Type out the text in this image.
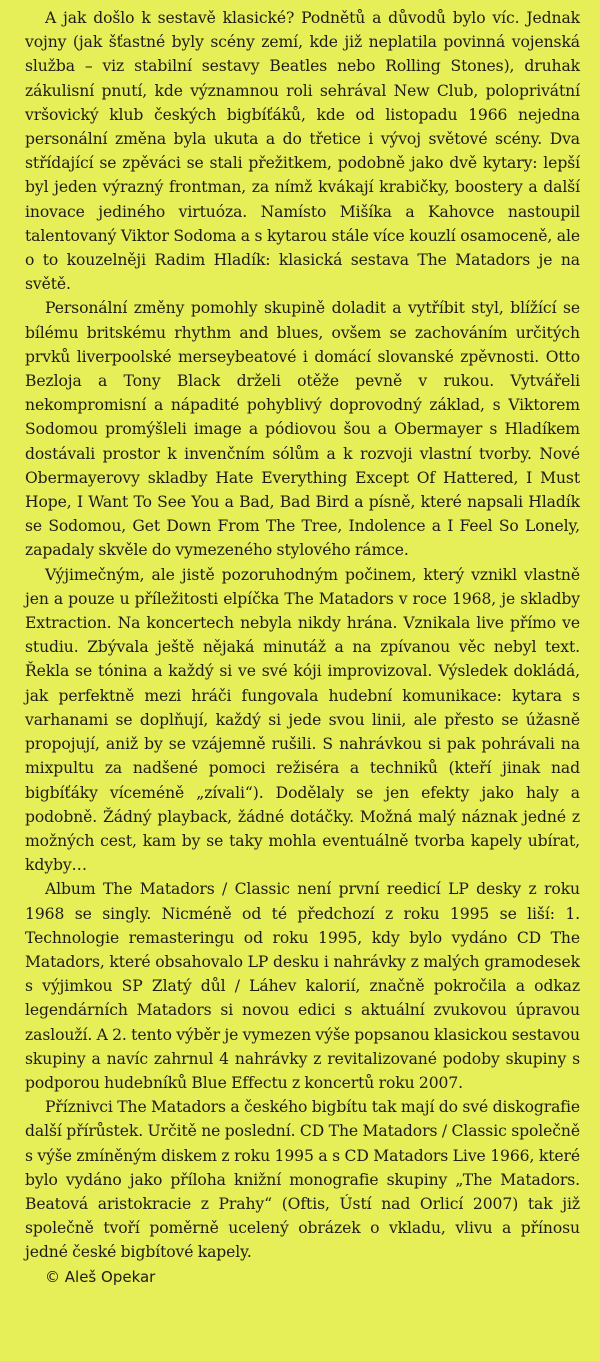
A jak došlo k sestavě klasické? Podnětů a důvodů bylo víc. Jednak vojny (jak šťastné byly scény zemí, kde již neplatila povinná vojenská služba – viz stabilní sestavy Beatles nebo Rolling Stones), druhak zákulisní pnutí, kde významnou roli sehrával New Club, poloprivátní vršovický klub českých bigbíťáků, kde od listopadu 1966 nejedna personální změna byla ukuta a do třetice i vývoj světové scény. Dva střídající se zpěváci se stali přežitkem, podobně jako dvě kytary: lepší byl jeden výrazný frontman, za nímž kvákají krabičky, boostery a další inovace jediného virtuóza. Namísto Mišíka a Kahovce nastoupil talentovaný Viktor Sodoma a s kytarou stále více kouzlí osamoceně, ale o to kouzelněji Radim Hladík: klasická sestava The Matadors je na světě.

Personální změny pomohly skupině doladit a vytříbit styl, blížící se bílému britskému rhythm and blues, ovšem se zachováním určitých prvků liverpoolské merseybeatové i domácí slovanské zpěvnosti. Otto Bezloja a Tony Black drželi otěže pevně v rukou. Vytvářeli nekompromisní a nápadité pohyblivý doprovodný základ, s Viktorem Sodomou promýšleli image a pódiovou šou a Obermayer s Hladíkem dostávali prostor k invenčním sólům a k rozvoji vlastní tvorby. Nové Obermayerovy skladby Hate Everything Except Of Hattered, I Must Hope, I Want To See You a Bad, Bad Bird a písně, které napsali Hladík se Sodomou, Get Down From The Tree, Indolence a I Feel So Lonely, zapadaly skvěle do vymezeného stylového rámce.

Výjimečným, ale jistě pozoruhodným počinem, který vznikl vlastně jen a pouze u příležitosti elpíčka The Matadors v roce 1968, je skladby Extraction. Na koncertech nebyla nikdy hrána. Vznikala live přímo ve studiu. Zbývala ještě nějaká minutáž a na zpívanou věc nebyl text. Řekla se tónina a každý si ve své kóji improvizoval. Výsledek dokládá, jak perfektně mezi hráči fungovala hudební komunikace: kytara s varhanami se doplňují, každý si jede svou linii, ale přesto se úžasně propojují, aniž by se vzájemně rušili. S nahrávkou si pak pohrávali na mixpultu za nadšené pomoci režiséra a techniků (kteří jinak nad bigbíťáky víceméně „zívali“). Dodělaly se jen efekty jako haly a podobně. Žádný playback, žádné dotáčky. Možná malý náznak jedné z možných cest, kam by se taky mohla eventuálně tvorba kapely ubírat, kdyby…

Album The Matadors / Classic není první reedicí LP desky z roku 1968 se singly. Nicméně od té předchozí z roku 1995 se liší: 1. Technologie remasteringu od roku 1995, kdy bylo vydáno CD The Matadors, které obsahovalo LP desku i nahrávky z malých gramodesek s výjimkou SP Zlatý důl / Láhev kalorií, značně pokročila a odkaz legendárních Matadors si novou edici s aktuální zvukovou úpravou zaslouží. A 2. tento výběr je vymezen výše popsanou klasickou sestavou skupiny a navíc zahrnul 4 nahrávky z revitalizované podoby skupiny s podporou hudebníků Blue Effectu z koncertů roku 2007.

Příznivci The Matadors a českého bigbítu tak mají do své diskografie další přírůstek. Určitě ne poslední. CD The Matadors / Classic společně s výše zmíněným diskem z roku 1995 a s CD Matadors Live 1966, které bylo vydáno jako příloha knižní monografie skupiny „The Matadors. Beatová aristokracie z Prahy“ (Oftis, Ústí nad Orlicí 2007) tak již společně tvoří poměrně ucelený obrázek o vkladu, vlivu a přínosu jedné české bigbítové kapely.

© Aleš Opekar
